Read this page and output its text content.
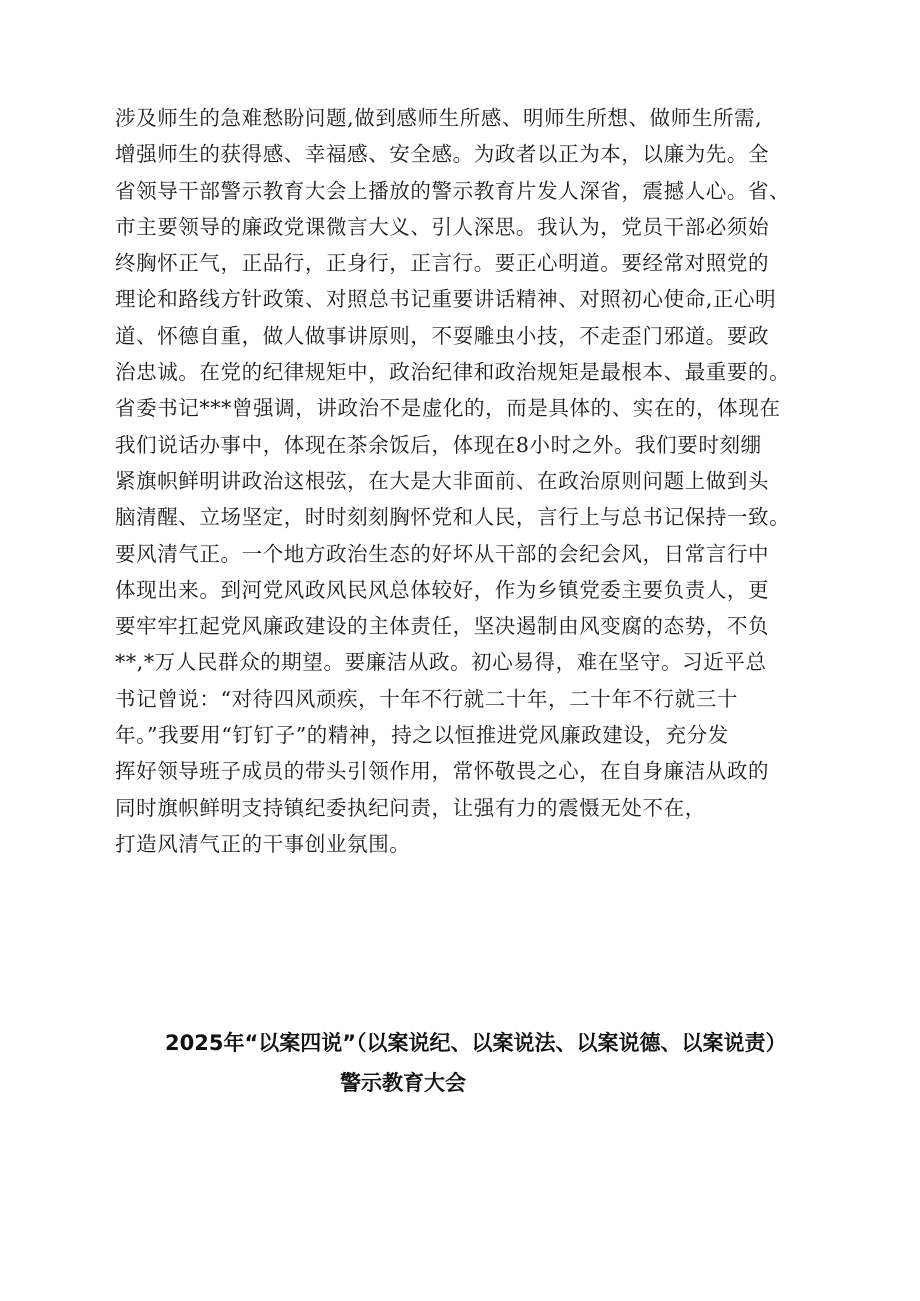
涉及师生的急难愁盼问题,做到感师生所感、明师生所想、做师生所需,
增强师生的获得感、幸福感、安全感。为政者以正为本，以廉为先。全
省领导干部警示教育大会上播放的警示教育片发人深省，震撼人心。省、
市主要领导的廉政党课微言大义、引人深思。我认为，党员干部必须始
终胸怀正气，正品行，正身行，正言行。要正心明道。要经常对照党的
理论和路线方针政策、对照总书记重要讲话精神、对照初心使命,正心明
道、怀德自重，做人做事讲原则，不耍雕虫小技，不走歪门邪道。要政
治忠诚。在党的纪律规矩中，政治纪律和政治规矩是最根本、最重要的。
省委书记***曾强调，讲政治不是虚化的，而是具体的、实在的，体现在
我们说话办事中，体现在茶余饭后，体现在8小时之外。我们要时刻绷
紧旗帜鲜明讲政治这根弦，在大是大非面前、在政治原则问题上做到头
脑清醒、立场坚定，时时刻刻胸怀党和人民，言行上与总书记保持一致。
要风清气正。一个地方政治生态的好坏从干部的会纪会风，日常言行中
体现出来。到河党风政风民风总体较好，作为乡镇党委主要负责人，更
要牢牢扛起党风廉政建设的主体责任，坚决遏制由风变腐的态势，不负
**,*万人民群众的期望。要廉洁从政。初心易得，难在坚守。习近平总
书记曾说：“对待四风顽疾，十年不行就二十年，二十年不行就三十
年。”我要用“钉钉子”的精神，持之以恒推进党风廉政建设，充分发
挥好领导班子成员的带头引领作用，常怀敬畏之心，在自身廉洁从政的
同时旗帜鲜明支持镇纪委执纪问责，让强有力的震慑无处不在，
打造风清气正的干事创业氛围。
2025年“以案四说”（以案说纪、以案说法、以案说德、以案说责）
警示教育大会
